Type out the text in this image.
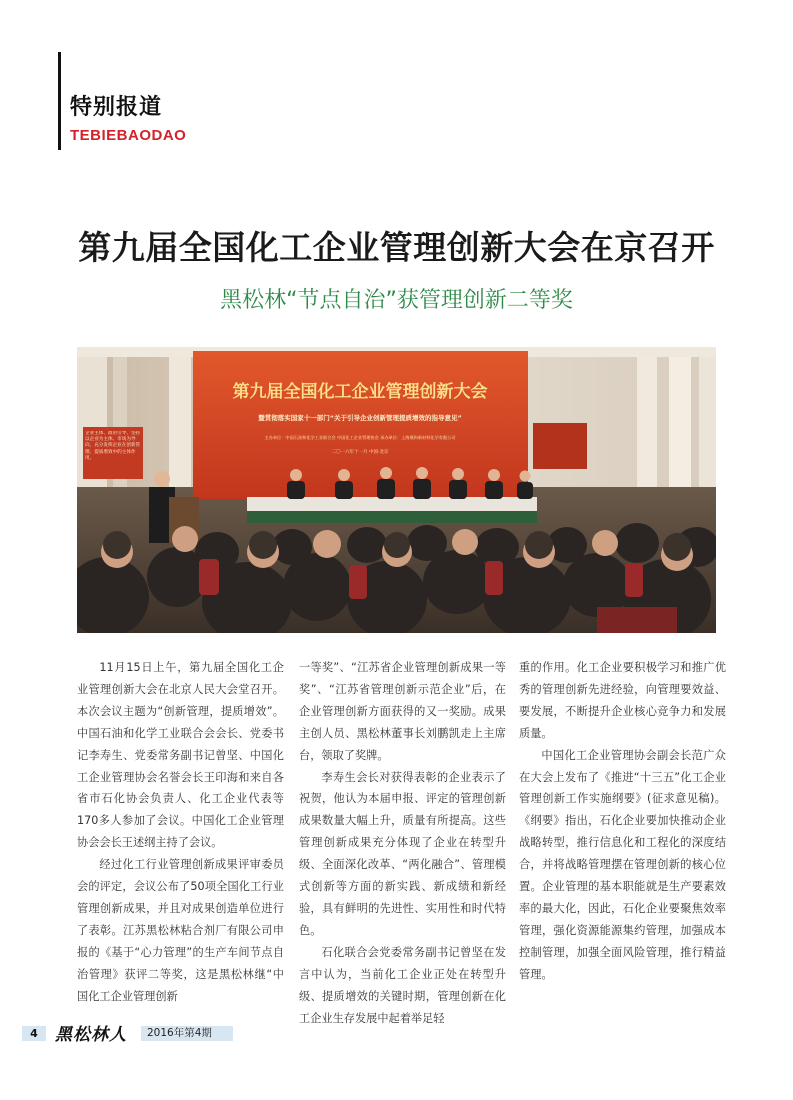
特别报道
TEBIEBAODAO
第九届全国化工企业管理创新大会在京召开
黑松林“节点自治”获管理创新二等奖
第九届全国化工企业管理创新大会
暨贯彻落实国家十一部门“关于引导企业创新管理提质增效的指导意见”
主办单位：中国石油和化学工业联合会 中国化工企业管理协会 承办单位：上海聚和新材料化学有限公司
二〇一六年十一月 中国·北京
企业主体、政府引导、坚持以企业为主体、市场为导向，充分发挥企业在创新管理、提质增效中的主体作用。

11月15日上午，第九届全国化工企业管理创新大会在北京人民大会堂召开。本次会议主题为“创新管理，提质增效”。中国石油和化学工业联合会会长、党委书记李寿生、党委常务副书记曾坚、中国化工企业管理协会名誉会长王印海和来自各省市石化协会负责人、化工企业代表等170多人参加了会议。中国化工企业管理协会会长王述纲主持了会议。

经过化工行业管理创新成果评审委员会的评定，会议公布了50项全国化工行业管理创新成果，并且对成果创造单位进行了表彰。江苏黑松林粘合剂厂有限公司申报的《基于“心力管理”的生产车间节点自治管理》获评二等奖，这是黑松林继“中国化工企业管理创新

一等奖”、“江苏省企业管理创新成果一等奖”、“江苏省管理创新示范企业”后，在企业管理创新方面获得的又一奖励。成果主创人员、黑松林董事长刘鹏凯走上主席台，领取了奖牌。

李寿生会长对获得表彰的企业表示了祝贺，他认为本届申报、评定的管理创新成果数量大幅上升，质量有所提高。这些管理创新成果充分体现了企业在转型升级、全面深化改革、“两化融合”、管理模式创新等方面的新实践、新成绩和新经验，具有鲜明的先进性、实用性和时代特色。

石化联合会党委常务副书记曾坚在发言中认为，当前化工企业正处在转型升级、提质增效的关键时期，管理创新在化工企业生存发展中起着举足轻

重的作用。化工企业要积极学习和推广优秀的管理创新先进经验，向管理要效益、要发展，不断提升企业核心竞争力和发展质量。

中国化工企业管理协会副会长范广众在大会上发布了《推进“十三五”化工企业管理创新工作实施纲要》(征求意见稿)。《纲要》指出，石化企业要加快推动企业战略转型，推行信息化和工程化的深度结合，并将战略管理摆在管理创新的核心位置。企业管理的基本职能就是生产要素效率的最大化，因此，石化企业要聚焦效率管理，强化资源能源集约管理，加强成本控制管理，加强全面风险管理，推行精益管理。

4	黑松林人	2016年第4期
